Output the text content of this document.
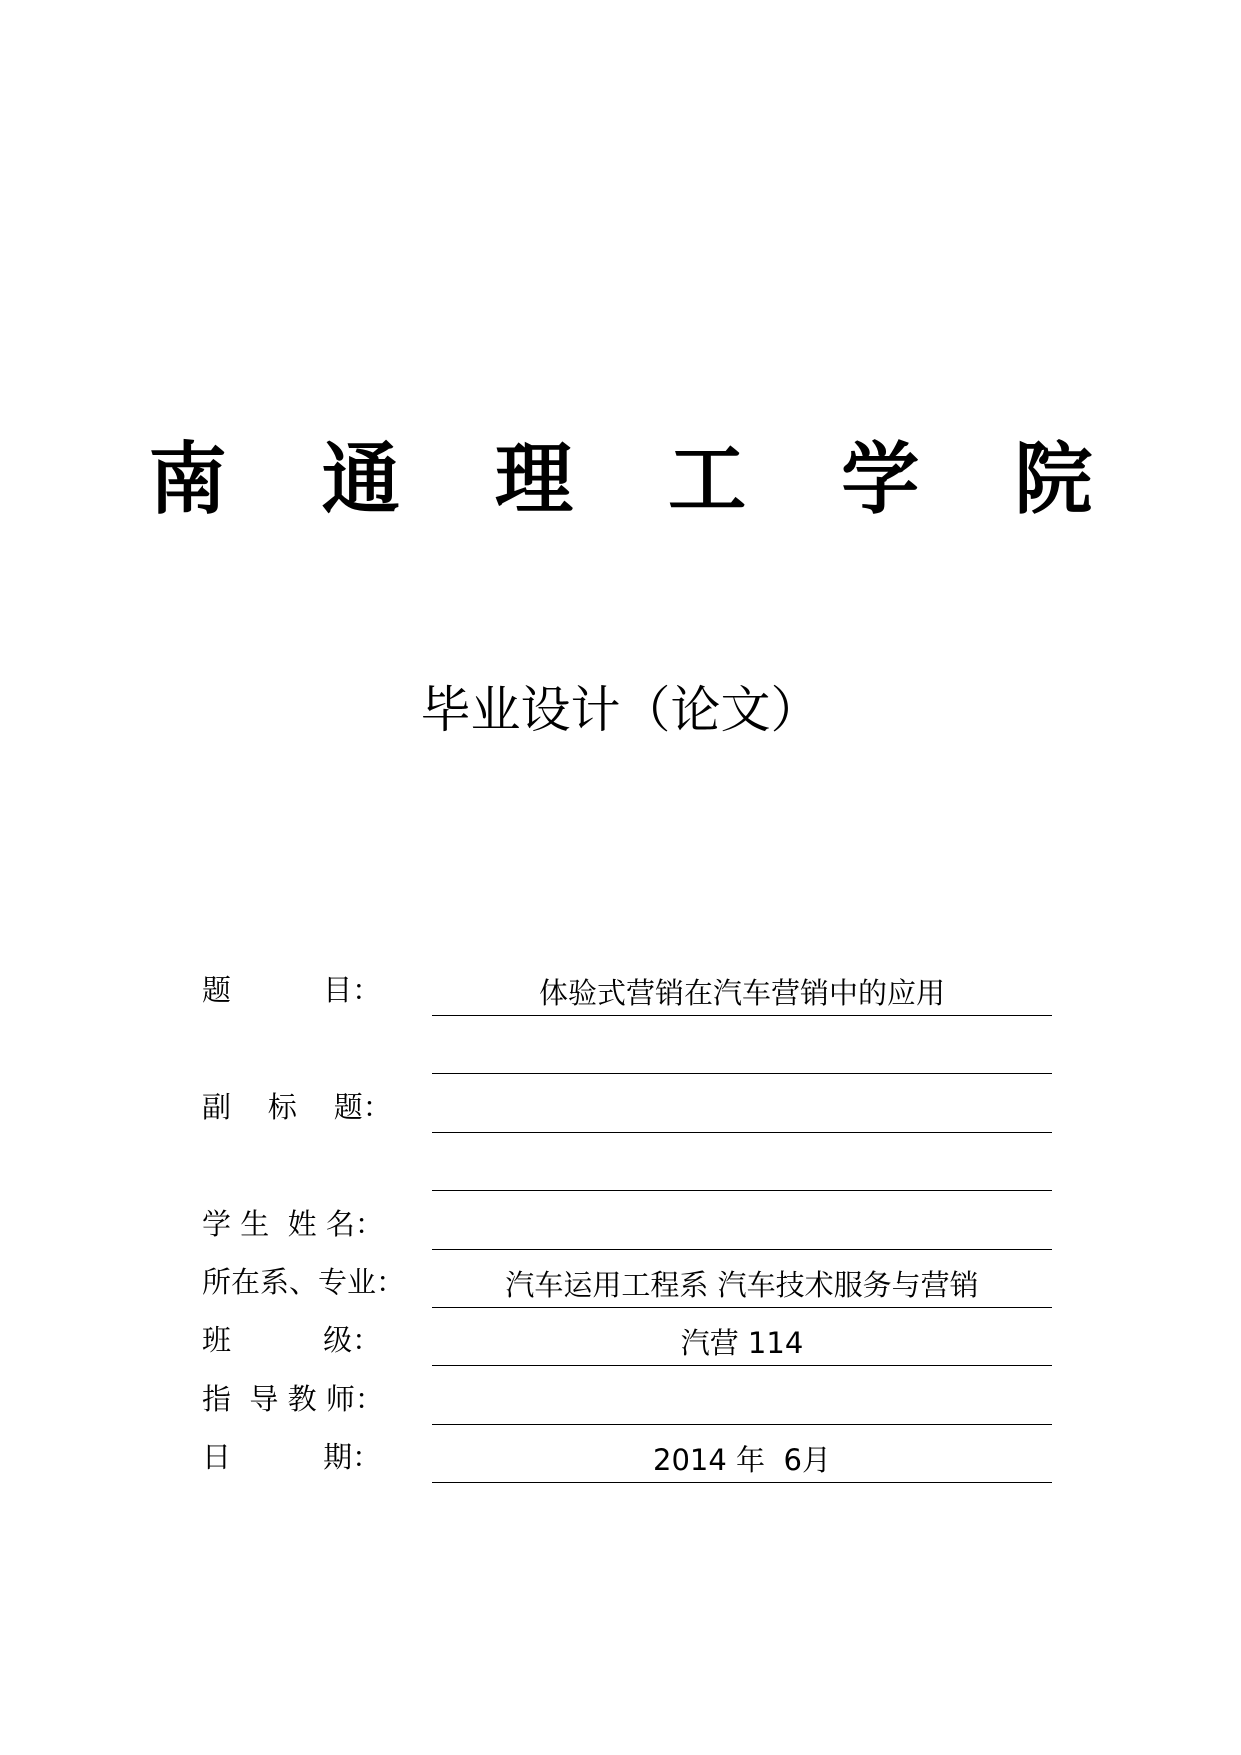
南 通 理 工 学 院
毕业设计（论文）
题          目：	体验式营销在汽车营销中的应用
副    标    题：
学 生  姓 名：
所在系、专业：	汽车运用工程系 汽车技术服务与营销
班          级：	汽营 114
指  导 教 师：
日          期：	2014 年  6月
